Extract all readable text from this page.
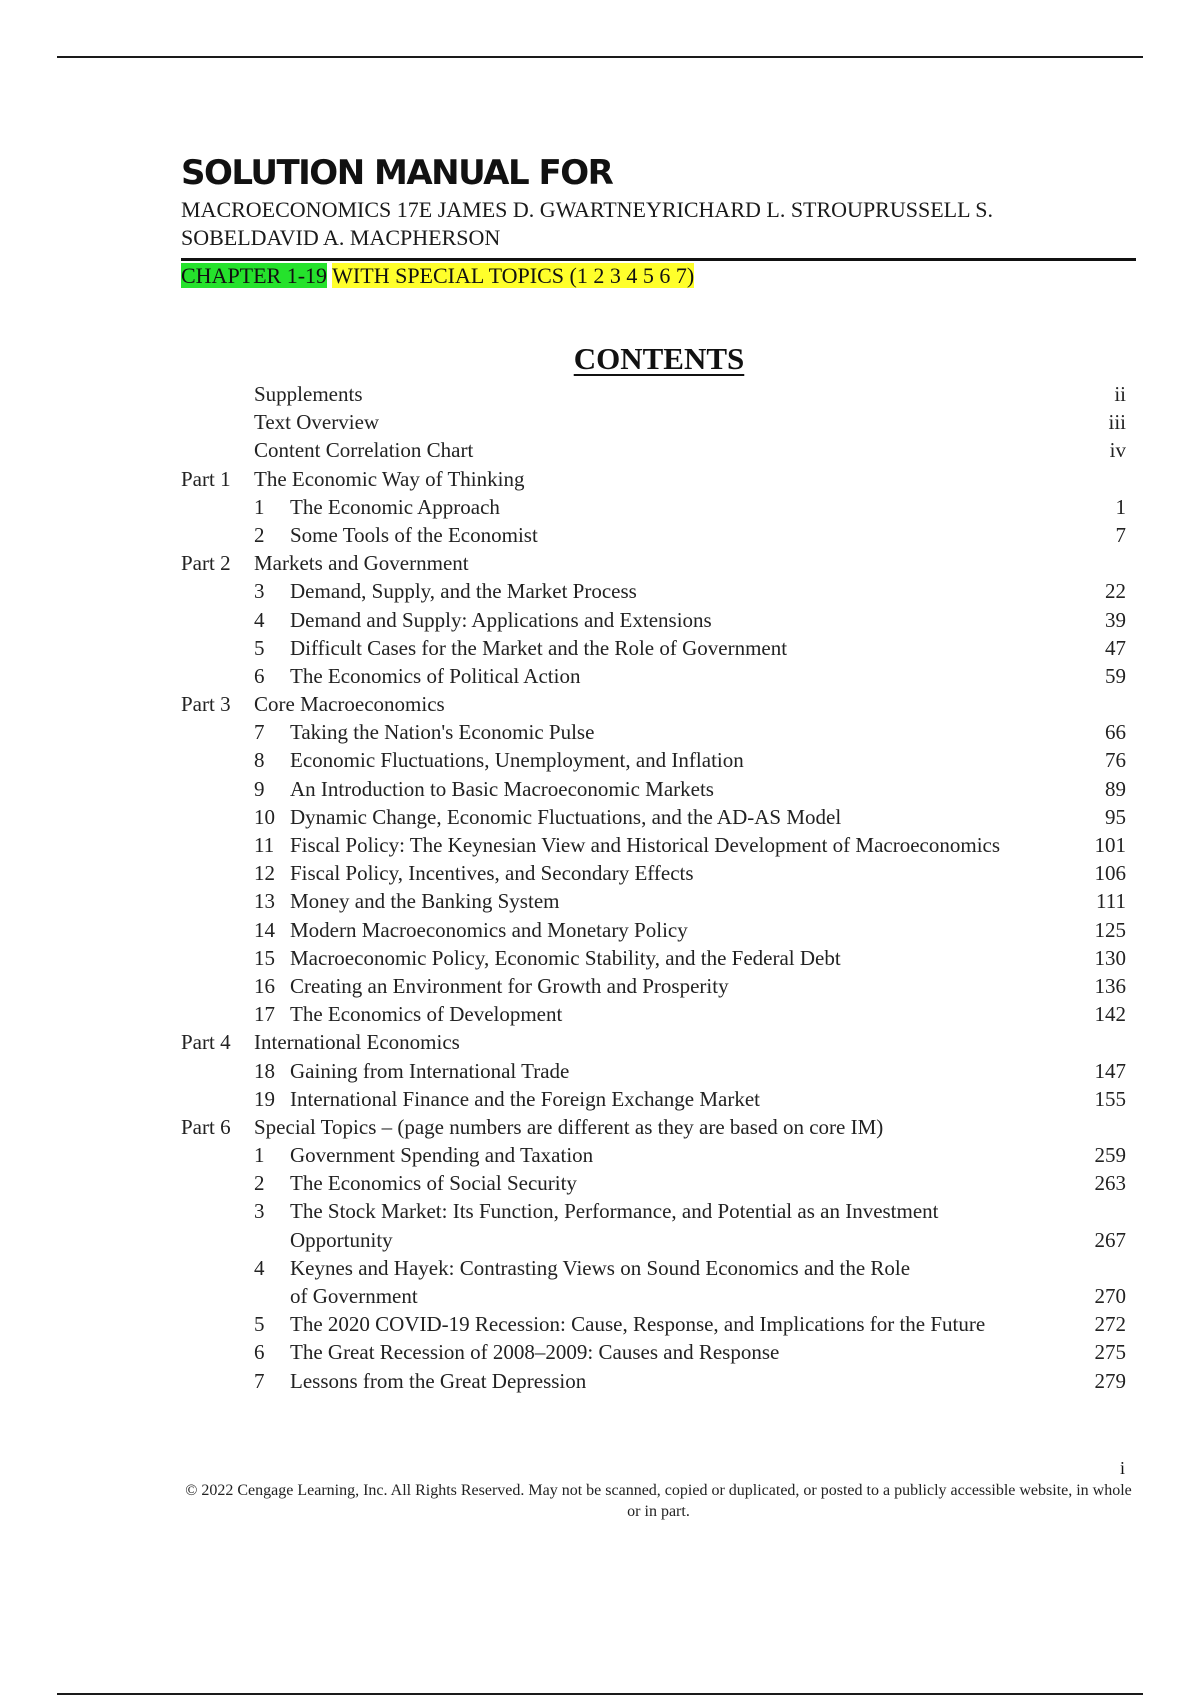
SOLUTION MANUAL FOR
MACROECONOMICS 17E JAMES D. GWARTNEYRICHARD L. STROUPRUSSELL S. SOBELDAVID A. MACPHERSON
CHAPTER 1-19 WITH SPECIAL TOPICS (1 2 3 4 5 6 7)
CONTENTS
Supplements	ii
Text Overview	iii
Content Correlation Chart	iv
Part 1 The Economic Way of Thinking
1 The Economic Approach	1
2 Some Tools of the Economist	7
Part 2 Markets and Government
3 Demand, Supply, and the Market Process	22
4 Demand and Supply: Applications and Extensions	39
5 Difficult Cases for the Market and the Role of Government	47
6 The Economics of Political Action	59
Part 3 Core Macroeconomics
7 Taking the Nation's Economic Pulse	66
8 Economic Fluctuations, Unemployment, and Inflation	76
9 An Introduction to Basic Macroeconomic Markets	89
10 Dynamic Change, Economic Fluctuations, and the AD-AS Model	95
11 Fiscal Policy: The Keynesian View and Historical Development of Macroeconomics	101
12 Fiscal Policy, Incentives, and Secondary Effects	106
13 Money and the Banking System	111
14 Modern Macroeconomics and Monetary Policy	125
15 Macroeconomic Policy, Economic Stability, and the Federal Debt	130
16 Creating an Environment for Growth and Prosperity	136
17 The Economics of Development	142
Part 4 International Economics
18 Gaining from International Trade	147
19 International Finance and the Foreign Exchange Market	155
Part 6 Special Topics – (page numbers are different as they are based on core IM)
1 Government Spending and Taxation	259
2 The Economics of Social Security	263
3 The Stock Market: Its Function, Performance, and Potential as an Investment
Opportunity	267
4 Keynes and Hayek: Contrasting Views on Sound Economics and the Role
of Government	270
5 The 2020 COVID-19 Recession: Cause, Response, and Implications for the Future	272
6 The Great Recession of 2008–2009: Causes and Response	275
7 Lessons from the Great Depression	279
i
© 2022 Cengage Learning, Inc. All Rights Reserved. May not be scanned, copied or duplicated, or posted to a publicly accessible website, in whole or in part.
